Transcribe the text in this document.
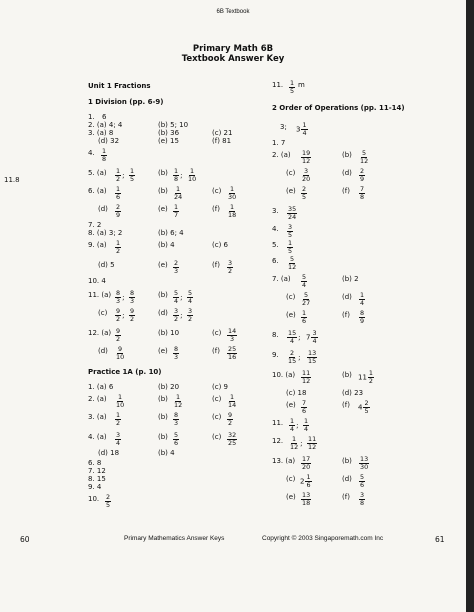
6B Textbook
Primary Math 6B
Textbook Answer Key
Unit 1 Fractions
1 Division (pp. 6-9)
Practice 1A (p. 10)
2 Order of Operations (pp. 11-14)
1. 6
2. (a) 4; 4	(b) 5; 10
3. (a) 8	(b) 36	(c) 21
(d) 32	(e) 15	(f) 81
4. $\frac{1}{8}$
5. $(a) \frac{1}{2}$ ; $\frac{1}{5}$	$(b) \frac{1}{8}$ ; $\frac{1}{10}$
6. $(a) \frac{1}{6}$	$(b) \frac{1}{24}$	$(c) \frac{1}{30}$
$(d) \frac{2}{9}$	$(e) \frac{1}{7}$	$(f) \frac{1}{18}$
7. 2
8. (a) 3; 2	(b) 6; 4
9. $(a) \frac{1}{2}$	(b) 4	(c) 6
(d) 5	$(e) \frac{2}{3}$	$(f) \frac{3}{2}$
10. 4
11. $(a) \frac{8}{3}$ ; $\frac{8}{3}$	$(b) \frac{5}{4}$ ; $\frac{5}{4}$
$(c) \frac{9}{2}$ ; $\frac{9}{2}$	$(d) \frac{3}{2}$ ; $\frac{3}{2}$
12. $(a) \frac{9}{2}$	(b) 10	$(c) \frac{14}{3}$
$(d) \frac{9}{10}$	$(e) \frac{8}{3}$	$(f) \frac{25}{16}$
1. (a) 6	(b) 20	(c) 9
2. $(a) \frac{1}{10}$	$(b) \frac{1}{12}$	$(c) \frac{1}{14}$
3. $(a) \frac{1}{2}$	$(b) \frac{8}{3}$	$(c) \frac{9}{2}$
4. $(a) \frac{3}{4}$	$(b) \frac{5}{6}$	$(c) \frac{32}{25}$
(d) 18	(b) 4
6. 8
7. 12
8. 15
9. 4
10. $\frac{2}{5}$
11. $\frac{1}{5}$ m
3; $3 \frac{1}{4}$
1. 7
2. $(a) \frac{19}{12}$	$(b) \frac{5}{12}$
$(c) \frac{3}{20}$	$(d) \frac{2}{9}$
$(e) \frac{2}{5}$	$(f) \frac{7}{8}$
3. $\frac{35}{24}$
4. $\frac{3}{5}$
5. $\frac{1}{5}$
6. $\frac{5}{12}$
7. $(a) \frac{5}{4}$	(b) 2
$(c) \frac{5}{27}$	$(d) \frac{1}{4}$
$(e) \frac{1}{6}$	$(f) \frac{8}{9}$
8. $\frac{15}{4}$ ; $7 \frac{3}{4}$
9. $\frac{2}{15}$ ; $\frac{13}{15}$
10. $(a) \frac{11}{12}$	(b) $11 \frac{1}{2}$
(c) 18	(d) 23
$(e) \frac{7}{6}$	(f) $4 \frac{2}{5}$
11. $\frac{1}{4}$ ; $\frac{1}{4}$
12. $\frac{1}{12}$ ; $\frac{11}{12}$
13. $(a) \frac{17}{20}$	$(b) \frac{13}{30}$
(c) $2 \frac{1}{6}$	$(d) \frac{5}{6}$
$(e) \frac{13}{18}$	$(f) \frac{3}{8}$
60	Primary Mathematics Answer Keys	Copyright © 2003 Singaporemath.com Inc	61
11.8
